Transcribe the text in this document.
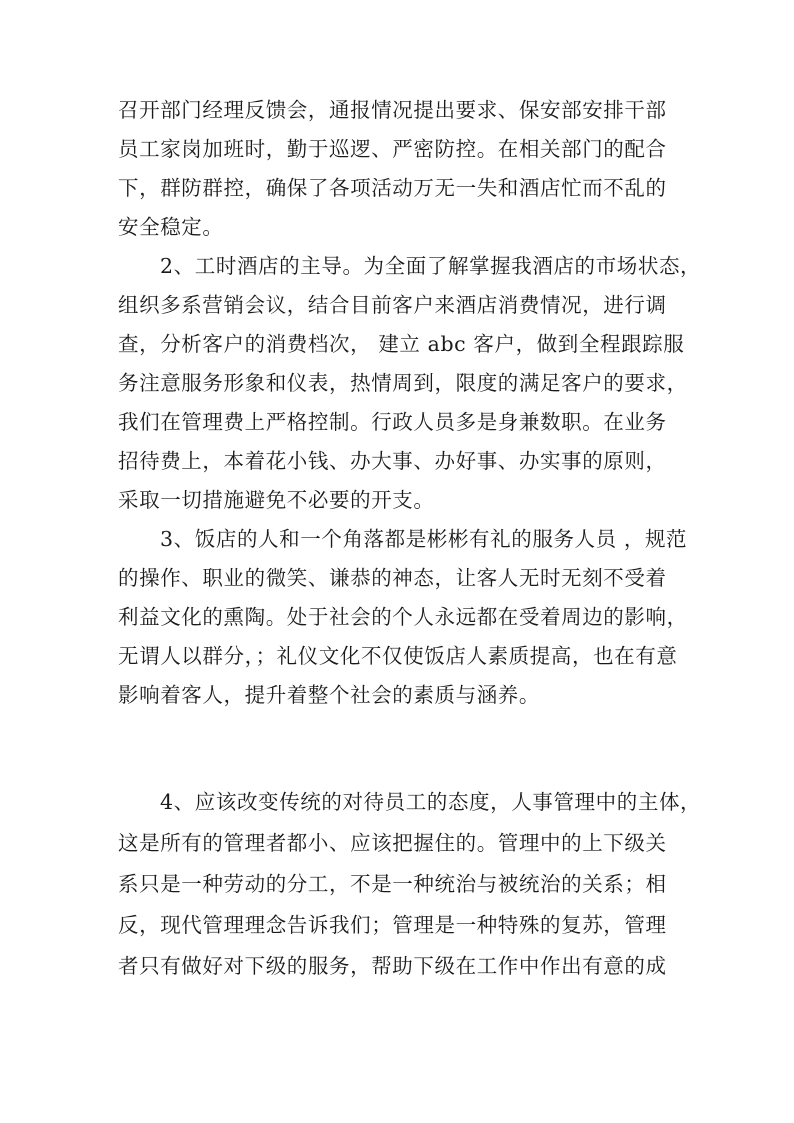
召开部门经理反馈会，通报情况提出要求、保安部安排干部
员工家岗加班时，勤于巡逻、严密防控。在相关部门的配合
下，群防群控，确保了各项活动万无一失和酒店忙而不乱的
安全稳定。
2、工时酒店的主导。为全面了解掌握我酒店的市场状态，
组织多系营销会议，结合目前客户来酒店消费情况，进行调
查，分析客户的消费档次， 建立 abc 客户，做到全程跟踪服
务注意服务形象和仪表，热情周到，限度的满足客户的要求，
我们在管理费上严格控制。行政人员多是身兼数职。在业务
招待费上，本着花小钱、办大事、办好事、办实事的原则，
采取一切措施避免不必要的开支。
3、饭店的人和一个角落都是彬彬有礼的服务人员 ，规范
的操作、职业的微笑、谦恭的神态，让客人无时无刻不受着
利益文化的熏陶。处于社会的个人永远都在受着周边的影响，
无谓人以群分，；礼仪文化不仅使饭店人素质提高，也在有意
影响着客人，提升着整个社会的素质与涵养。
4、应该改变传统的对待员工的态度，人事管理中的主体，
这是所有的管理者都小、应该把握住的。管理中的上下级关
系只是一种劳动的分工，不是一种统治与被统治的关系；相
反，现代管理理念告诉我们；管理是一种特殊的复苏，管理
者只有做好对下级的服务，帮助下级在工作中作出有意的成
